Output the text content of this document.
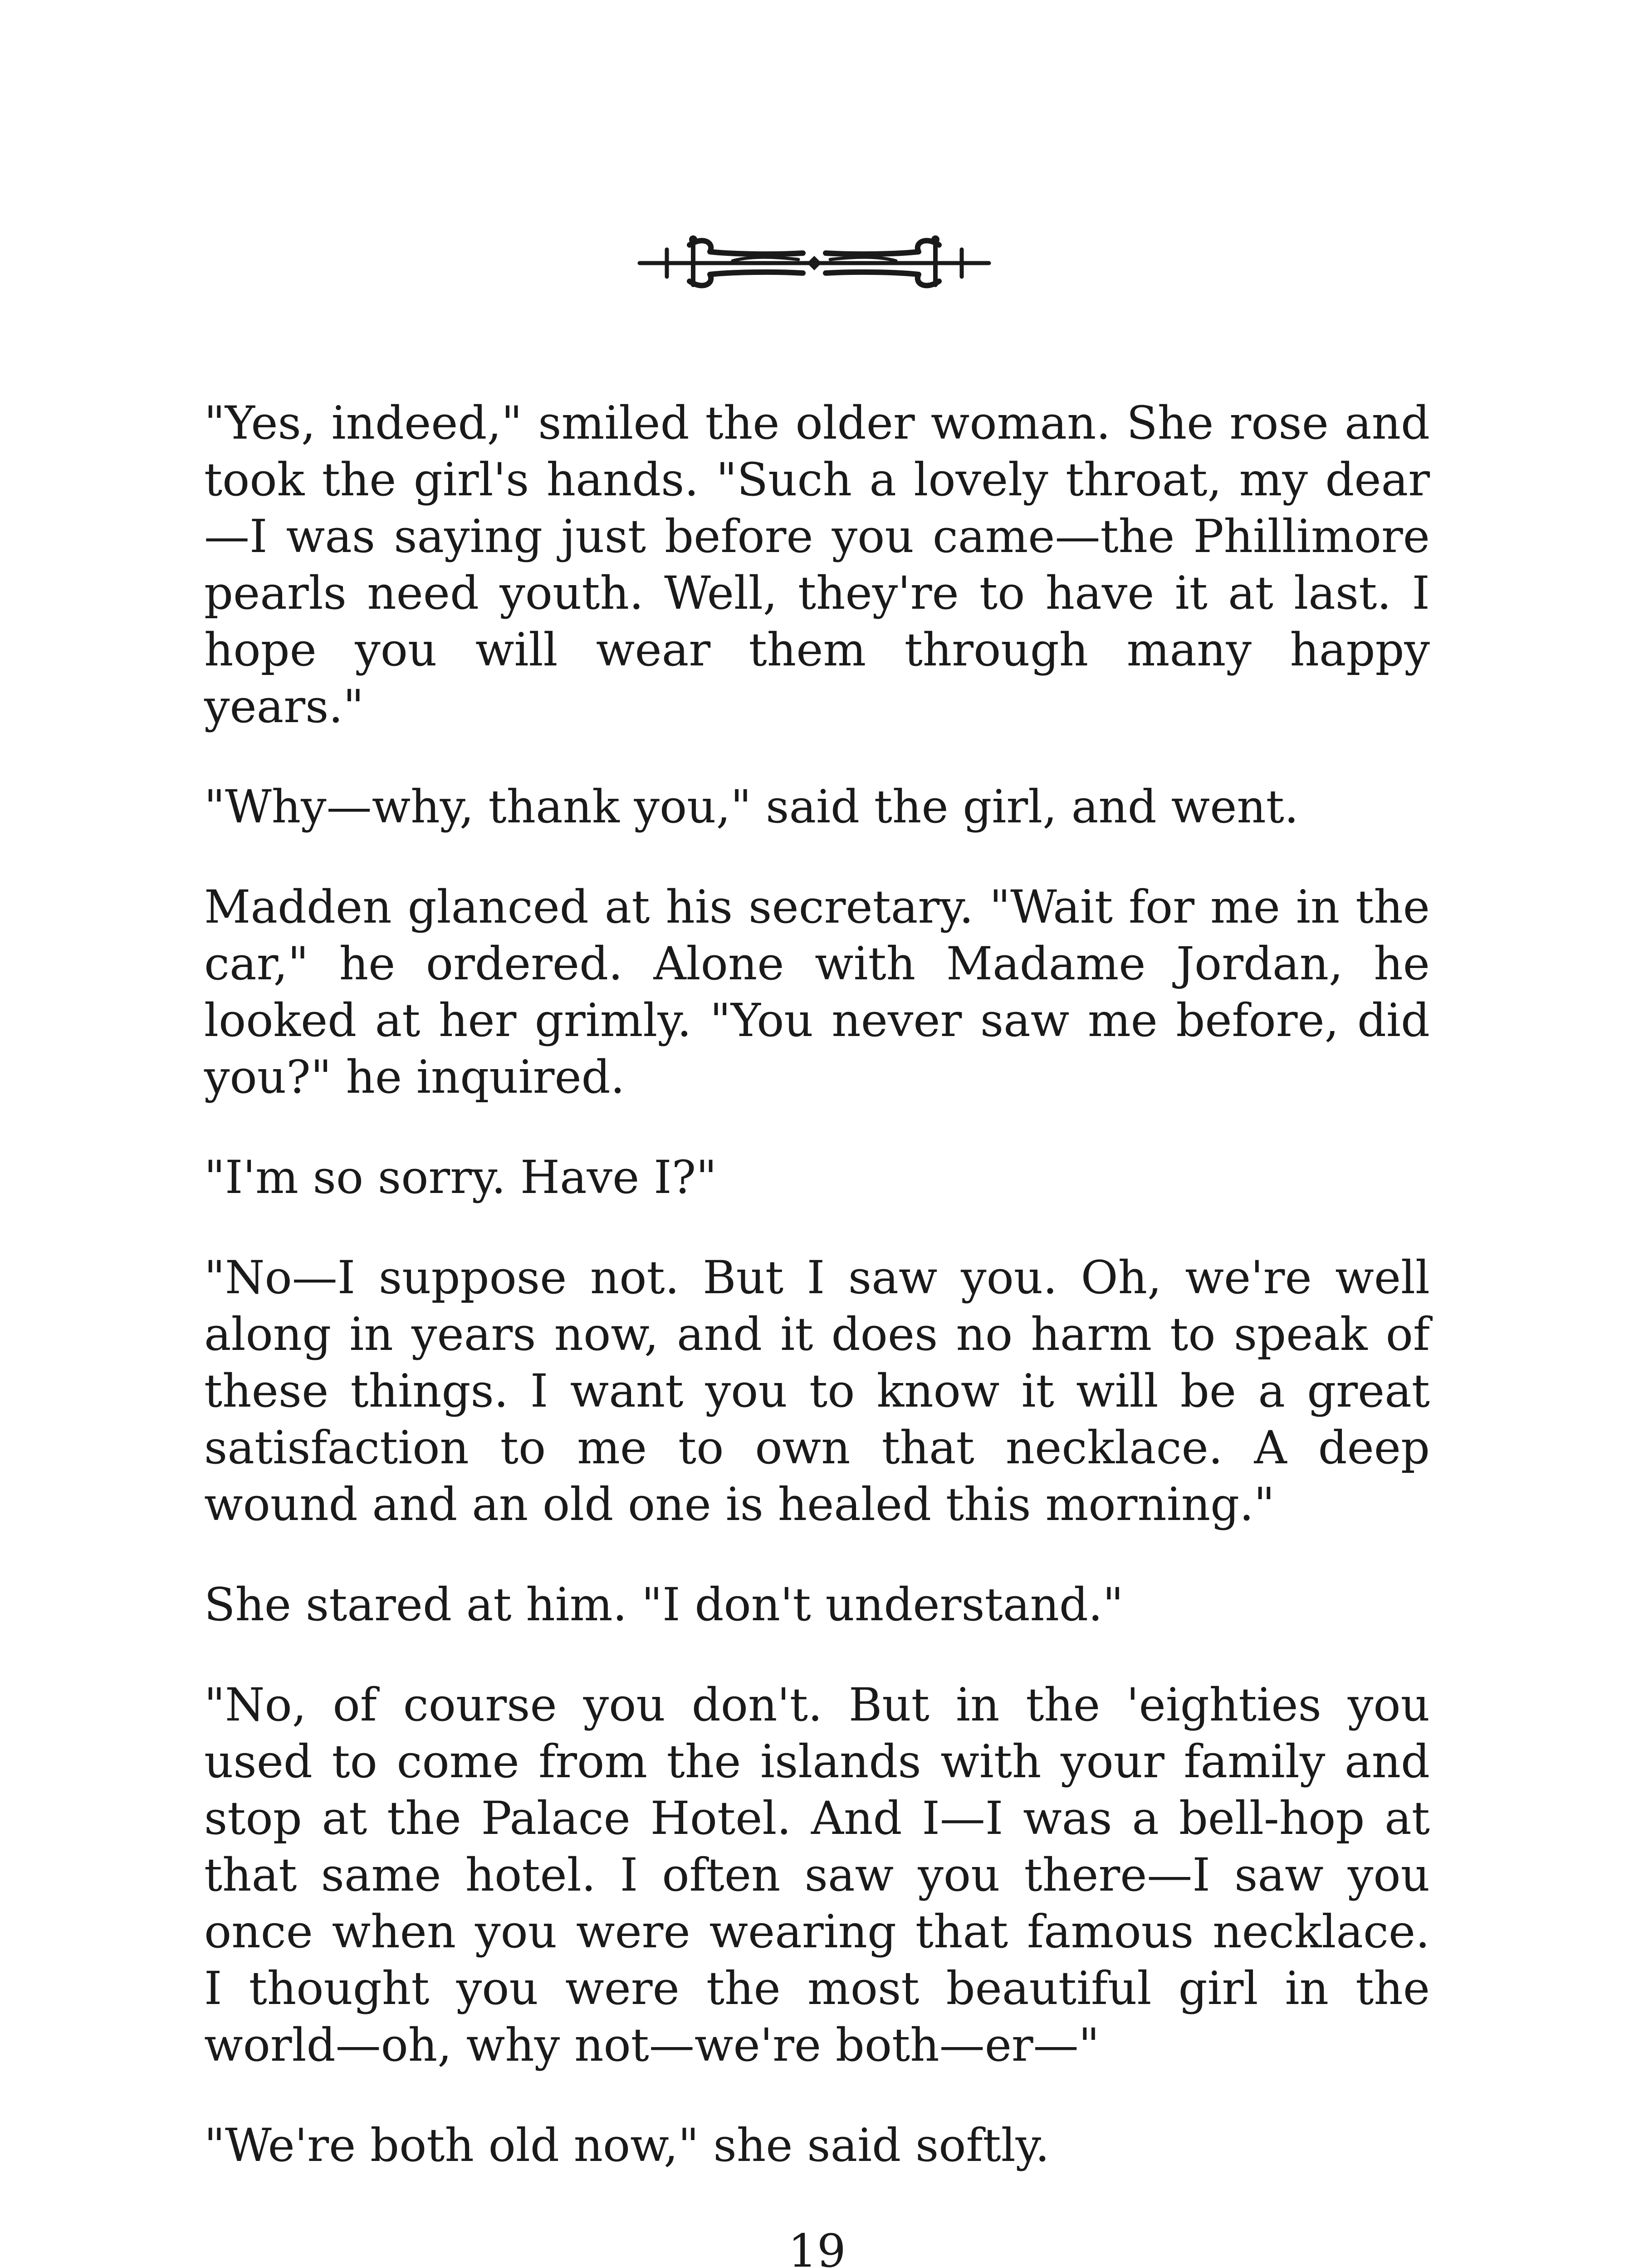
"Yes, indeed," smiled the older woman. She rose and took the girl's hands. "Such a lovely throat, my dear—I was saying just before you came—the Phillimore pearls need youth. Well, they're to have it at last. I hope you will wear them through many happy years."

"Why—why, thank you," said the girl, and went.

Madden glanced at his secretary. "Wait for me in the car," he ordered. Alone with Madame Jordan, he looked at her grimly. "You never saw me before, did you?" he inquired.

"I'm so sorry. Have I?"

"No—I suppose not. But I saw you. Oh, we're well along in years now, and it does no harm to speak of these things. I want you to know it will be a great satisfaction to me to own that necklace. A deep wound and an old one is healed this morning."

She stared at him. "I don't understand."

"No, of course you don't. But in the 'eighties you used to come from the islands with your family and stop at the Palace Hotel. And I—I was a bell-hop at that same hotel. I often saw you there—I saw you once when you were wearing that famous necklace. I thought you were the most beautiful girl in the world—oh, why not—we're both—er—"

"We're both old now," she said softly.

19
